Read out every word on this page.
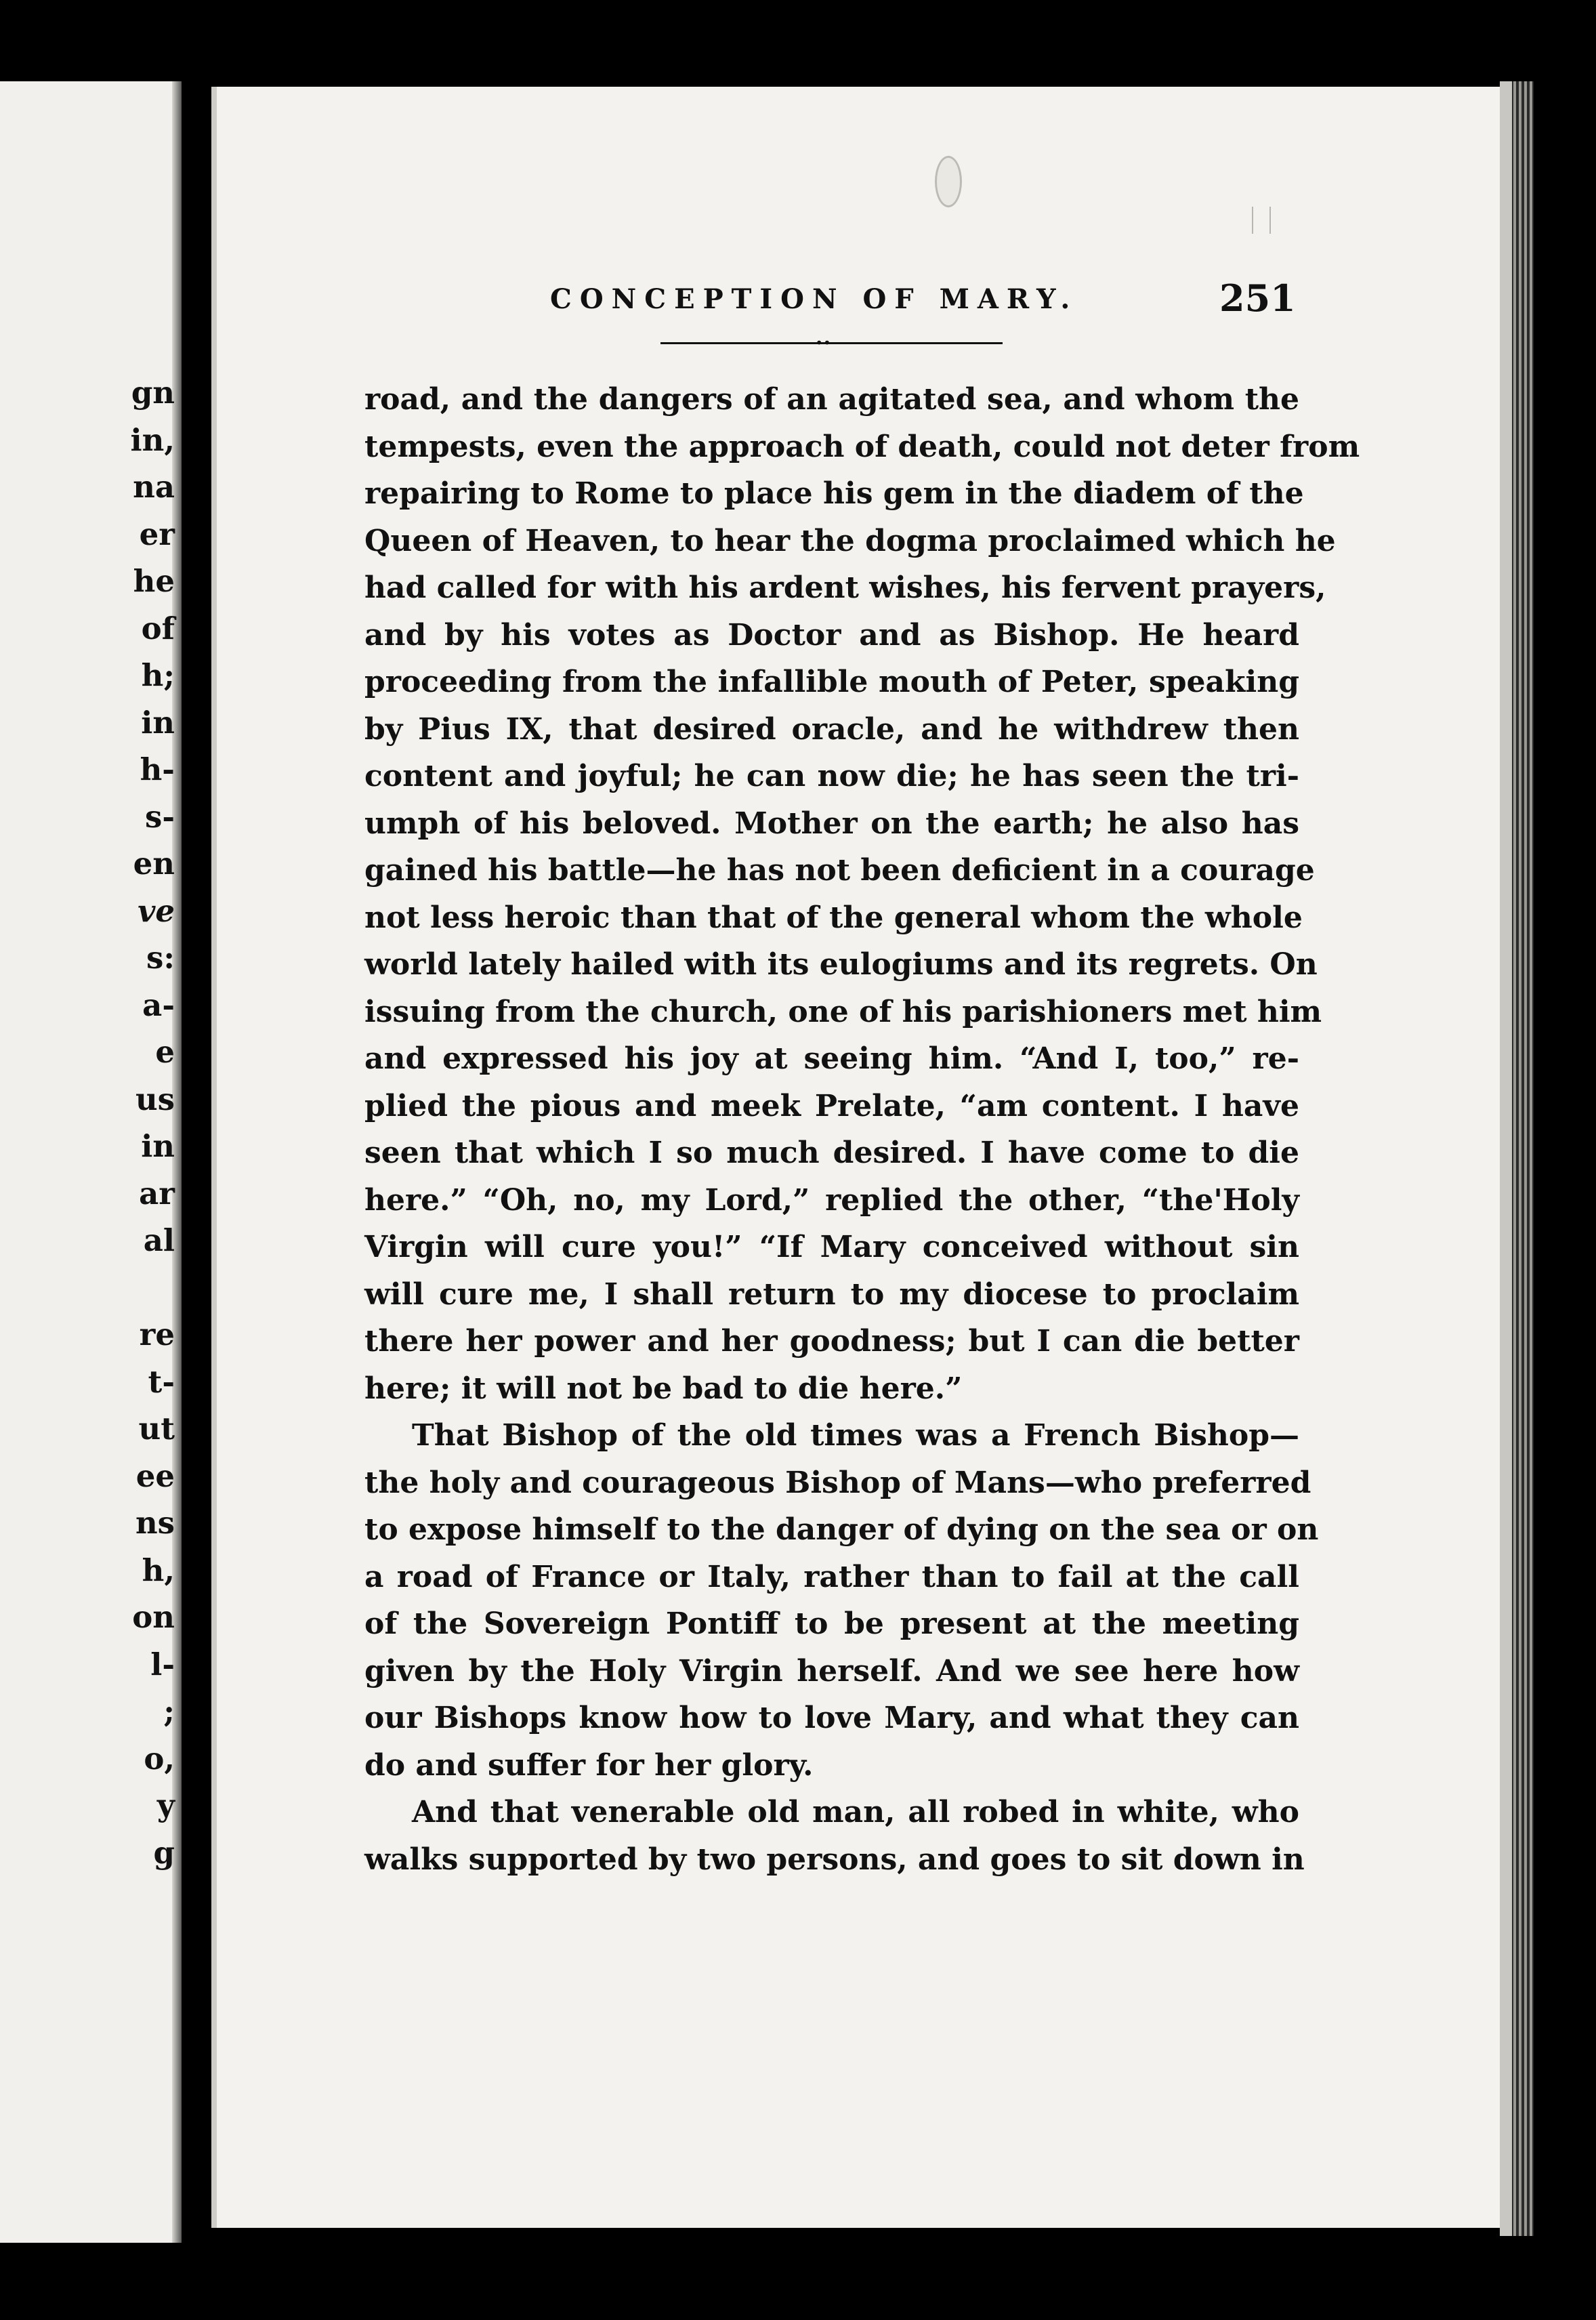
gn
in,
na
er
he
of
h;
in
h-
s-
en
ve
s:
a-
e
us
in
ar
al
re
t-
ut
ee
ns
h,
on
l-
;
o,
y
g
CONCEPTION OF MARY.	251
••
road, and the dangers of an agitated sea, and whom the
tempests, even the approach of death, could not deter from
repairing to Rome to place his gem in the diadem of the
Queen of Heaven, to hear the dogma proclaimed which he
had called for with his ardent wishes, his fervent prayers,
and by his votes as Doctor and as Bishop. He heard
proceeding from the infallible mouth of Peter, speaking
by Pius IX, that desired oracle, and he withdrew then
content and joyful; he can now die; he has seen the tri-
umph of his beloved. Mother on the earth; he also has
gained his battle—he has not been deficient in a courage
not less heroic than that of the general whom the whole
world lately hailed with its eulogiums and its regrets. On
issuing from the church, one of his parishioners met him
and expressed his joy at seeing him. “And I, too,” re-
plied the pious and meek Prelate, “am content. I have
seen that which I so much desired. I have come to die
here.” “Oh, no, my Lord,” replied the other, “the'Holy
Virgin will cure you!” “If Mary conceived without sin
will cure me, I shall return to my diocese to proclaim
there her power and her goodness; but I can die better
here; it will not be bad to die here.”
That Bishop of the old times was a French Bishop—
the holy and courageous Bishop of Mans—who preferred
to expose himself to the danger of dying on the sea or on
a road of France or Italy, rather than to fail at the call
of the Sovereign Pontiff to be present at the meeting
given by the Holy Virgin herself. And we see here how
our Bishops know how to love Mary, and what they can
do and suffer for her glory.
And that venerable old man, all robed in white, who
walks supported by two persons, and goes to sit down in
